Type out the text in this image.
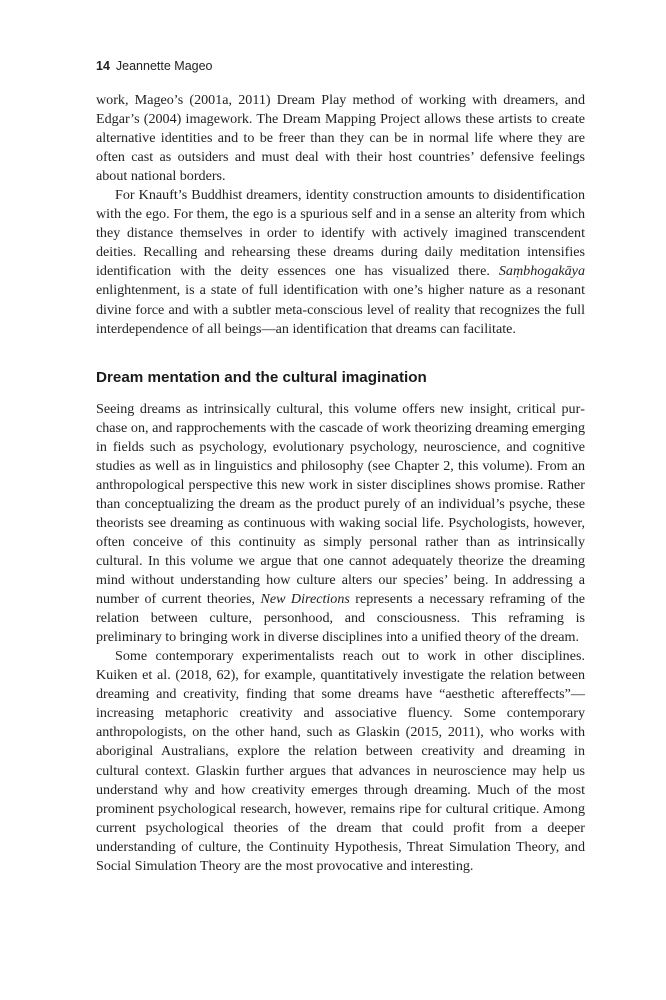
14 Jeannette Mageo

work, Mageo’s (2001a, 2011) Dream Play method of working with dreamers, and Edgar’s (2004) imagework. The Dream Mapping Project allows these artists to create alternative identities and to be freer than they can be in normal life where they are often cast as outsiders and must deal with their host countries’ defensive feelings about national borders.

For Knauft’s Buddhist dreamers, identity construction amounts to disidentification with the ego. For them, the ego is a spurious self and in a sense an alterity from which they distance themselves in order to identify with actively imagined transcendent deities. Recalling and rehearsing these dreams during daily meditation intensifies identification with the deity essences one has visualized there. Saṃbhogakāya enlightenment, is a state of full identification with one’s higher nature as a resonant divine force and with a subtler meta-conscious level of reality that recognizes the full interdependence of all beings—an identification that dreams can facilitate.

Dream mentation and the cultural imagination

Seeing dreams as intrinsically cultural, this volume offers new insight, critical purchase on, and rapprochements with the cascade of work theorizing dreaming emerging in fields such as psychology, evolutionary psychology, neuroscience, and cognitive studies as well as in linguistics and philosophy (see Chapter 2, this volume). From an anthropological perspective this new work in sister disciplines shows promise. Rather than conceptualizing the dream as the product purely of an individual’s psyche, these theorists see dreaming as continuous with waking social life. Psychologists, however, often conceive of this continuity as simply personal rather than as intrinsically cultural. In this volume we argue that one cannot adequately theorize the dreaming mind without understanding how culture alters our species’ being. In addressing a number of current theories, New Directions represents a necessary reframing of the relation between culture, personhood, and consciousness. This reframing is preliminary to bringing work in diverse disciplines into a unified theory of the dream.

Some contemporary experimentalists reach out to work in other disciplines. Kuiken et al. (2018, 62), for example, quantitatively investigate the relation between dreaming and creativity, finding that some dreams have “aesthetic aftereffects”—increasing metaphoric creativity and associative fluency. Some contemporary anthropologists, on the other hand, such as Glaskin (2015, 2011), who works with aboriginal Australians, explore the relation between creativity and dreaming in cultural context. Glaskin further argues that advances in neuroscience may help us understand why and how creativity emerges through dreaming. Much of the most prominent psychological research, however, remains ripe for cultural critique. Among current psychological theories of the dream that could profit from a deeper understanding of culture, the Continuity Hypothesis, Threat Simulation Theory, and Social Simulation Theory are the most provocative and interesting.
